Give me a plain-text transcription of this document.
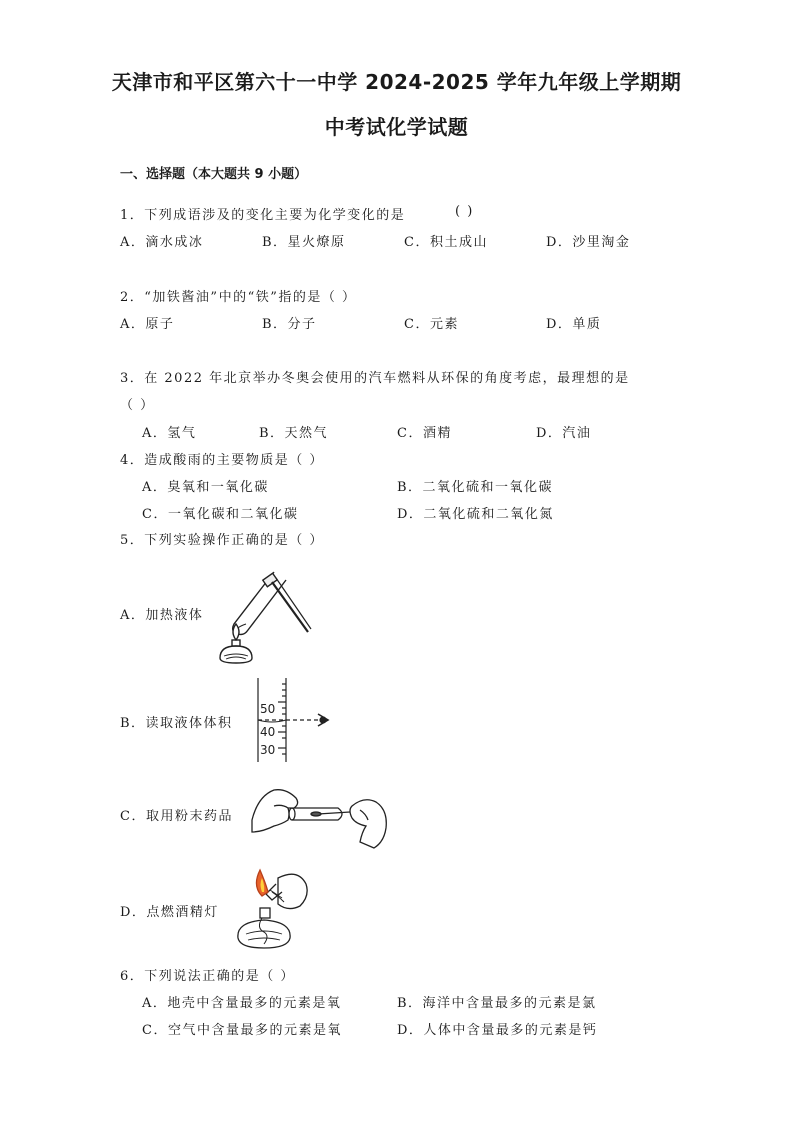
天津市和平区第六十一中学 2024-2025 学年九年级上学期期
中考试化学试题
一、选择题（本大题共 9 小题）
1．下列成语涉及的变化主要为化学变化的是	( )
A．滴水成冰	B．星火燎原	C．积土成山	D．沙里淘金
2．“加铁酱油”中的“铁”指的是（ ）
A．原子	B．分子	C．元素	D．单质
3．在 2022 年北京举办冬奥会使用的汽车燃料从环保的角度考虑，最理想的是
（ ）
A．氢气	B．天然气	C．酒精	D．汽油
4．造成酸雨的主要物质是（ ）
A．臭氧和一氧化碳	B．二氧化硫和一氧化碳
C．一氧化碳和二氧化碳	D．二氧化硫和二氧化氮
5．下列实验操作正确的是（ ）
A．加热液体
B．读取液体体积
50
40
30
C．取用粉末药品
D．点燃酒精灯
6．下列说法正确的是（ ）
A．地壳中含量最多的元素是氧	B．海洋中含量最多的元素是氯
C．空气中含量最多的元素是氧	D．人体中含量最多的元素是钙
